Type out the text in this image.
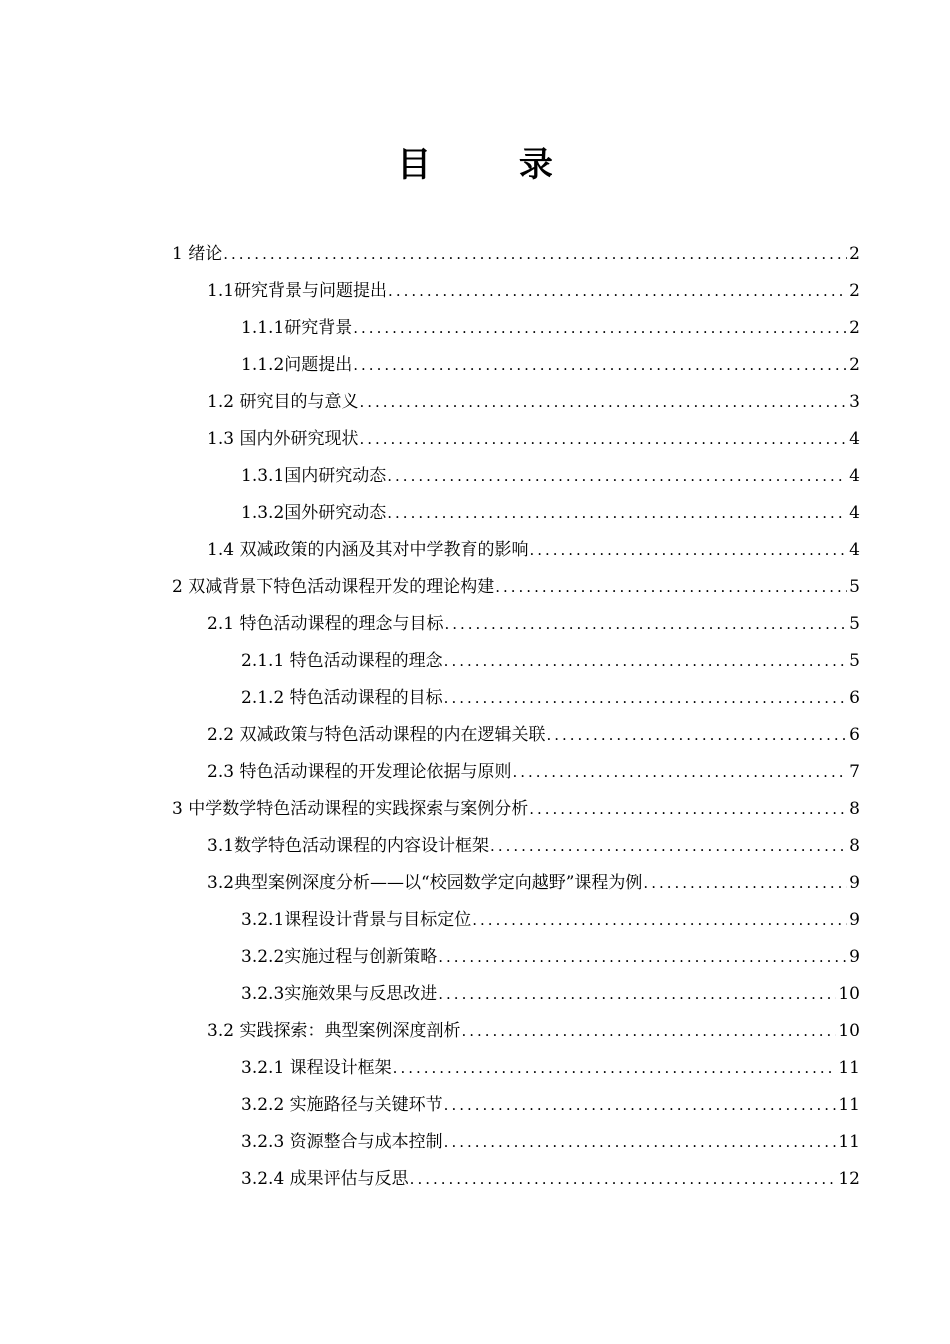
目 录
1 绪论 .....	2
1.1研究背景与问题提出 .....	2
1.1.1研究背景 .....	2
1.1.2问题提出 .....	2
1.2 研究目的与意义 .....	3
1.3 国内外研究现状 .....	4
1.3.1国内研究动态 .....	4
1.3.2国外研究动态 .....	4
1.4 双减政策的内涵及其对中学教育的影响 .....	4
2 双减背景下特色活动课程开发的理论构建 .....	5
2.1 特色活动课程的理念与目标 .....	5
2.1.1 特色活动课程的理念 .....	5
2.1.2 特色活动课程的目标 .....	6
2.2 双减政策与特色活动课程的内在逻辑关联 .....	6
2.3 特色活动课程的开发理论依据与原则 .....	7
3 中学数学特色活动课程的实践探索与案例分析 .....	8
3.1数学特色活动课程的内容设计框架 .....	8
3.2典型案例深度分析——以“校园数学定向越野”课程为例 .....	9
3.2.1课程设计背景与目标定位 .....	9
3.2.2实施过程与创新策略 .....	9
3.2.3实施效果与反思改进 .....	10
3.2 实践探索：典型案例深度剖析 .....	10
3.2.1 课程设计框架 .....	11
3.2.2 实施路径与关键环节 .....	11
3.2.3 资源整合与成本控制 .....	11
3.2.4 成果评估与反思 .....	12
